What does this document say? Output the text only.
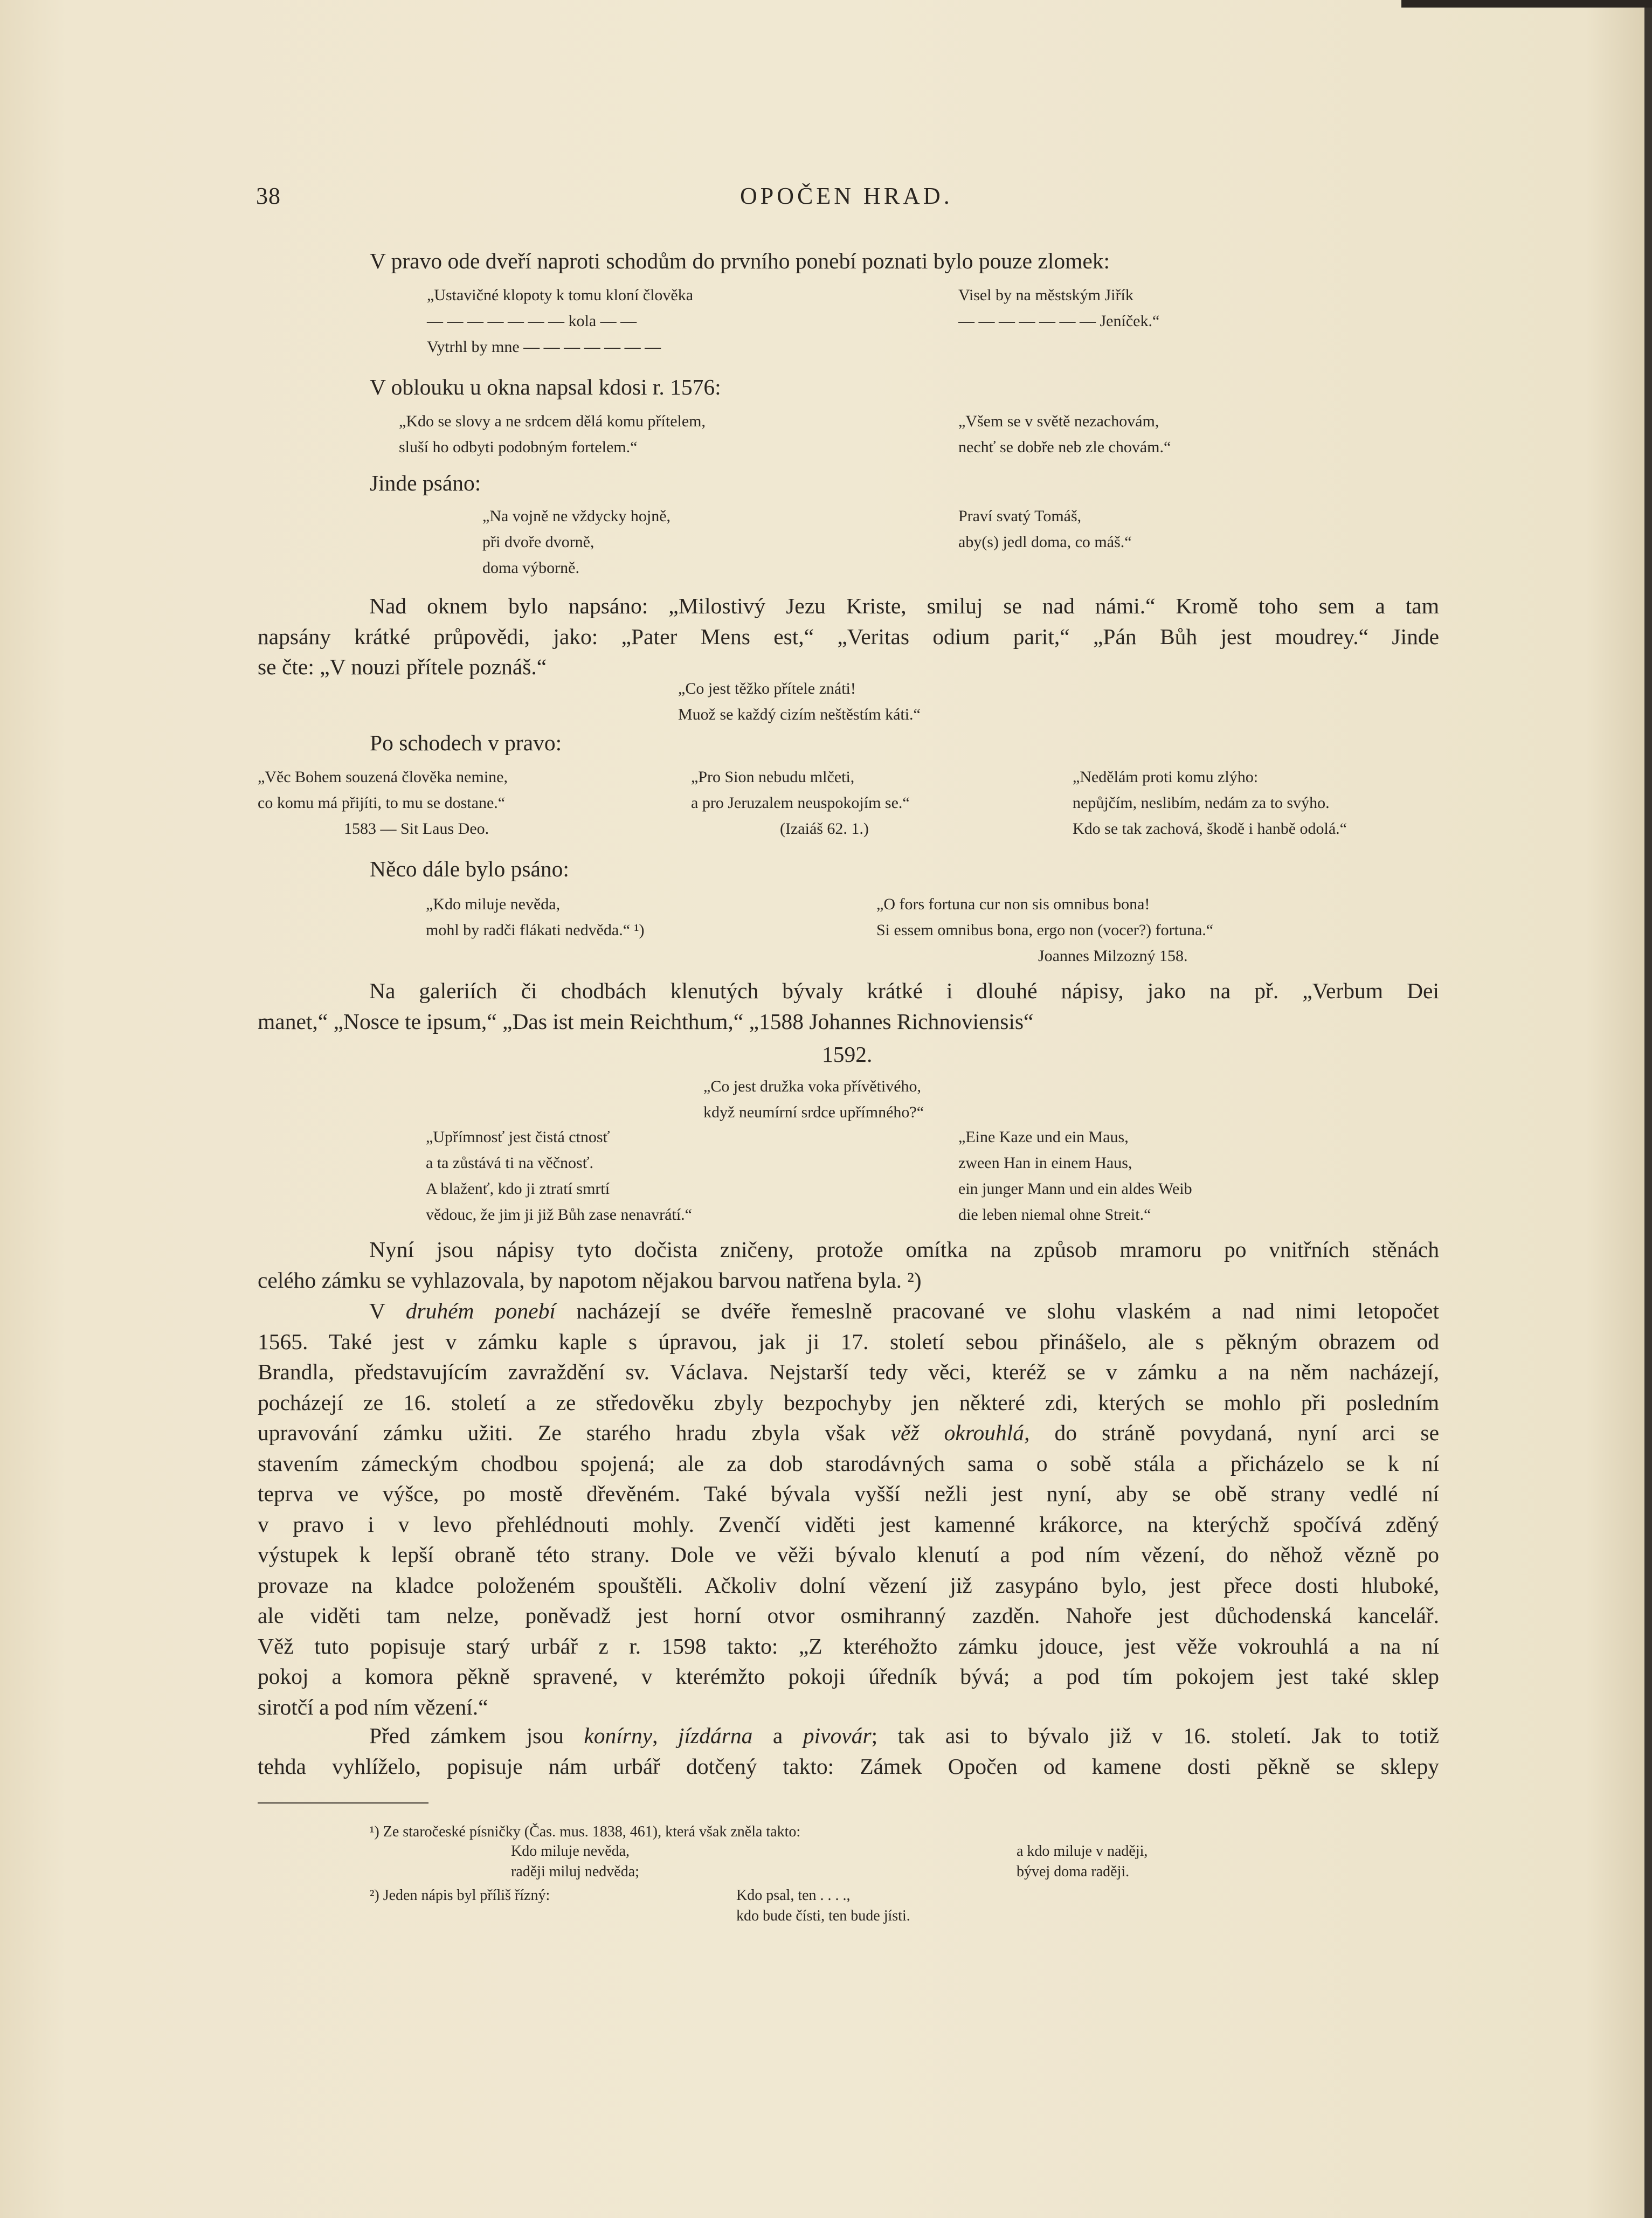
38	OPOČEN HRAD.
V pravo ode dveří naproti schodům do prvního ponebí poznati bylo pouze zlomek:
„Ustavičné klopoty k tomu kloní člověka
— — — — — — — kola — —
Vytrhl by mne — — — — — — —
Visel by na městským Jiřík
— — — — — — — Jeníček.“
V oblouku u okna napsal kdosi r. 1576:
„Kdo se slovy a ne srdcem dělá komu přítelem,
sluší ho odbyti podobným fortelem.“
„Všem se v světě nezachovám,
nechť se dobře neb zle chovám.“
Jinde psáno:
„Na vojně ne vždycky hojně,
při dvoře dvorně,
doma výborně.
Praví svatý Tomáš,
aby(s) jedl doma, co máš.“
Nad oknem bylo napsáno: „Milostivý Jezu Kriste, smiluj se nad námi.“ Kromě toho sem a tam
napsány krátké průpovědi, jako: „Pater Mens est,“ „Veritas odium parit,“ „Pán Bůh jest moudrey.“ Jinde
se čte: „V nouzi přítele poznáš.“
„Co jest těžko přítele znáti!
Muož se každý cizím neštěstím káti.“
Po schodech v pravo:
„Věc Bohem souzená člověka nemine,
co komu má přijíti, to mu se dostane.“
1583 — Sit Laus Deo.
„Pro Sion nebudu mlčeti,
a pro Jeruzalem neuspokojím se.“
(Izaiáš 62. 1.)
„Nedělám proti komu zlýho:
nepůjčím, neslibím, nedám za to svýho.
Kdo se tak zachová, škodě i hanbě odolá.“
Něco dále bylo psáno:
„Kdo miluje nevěda,
mohl by radči flákati nedvěda.“ ¹)
„O fors fortuna cur non sis omnibus bona!
Si essem omnibus bona, ergo non (vocer?) fortuna.“
Joannes Milzozný 158.
Na galeriích či chodbách klenutých bývaly krátké i dlouhé nápisy, jako na př. „Verbum Dei
manet,“ „Nosce te ipsum,“ „Das ist mein Reichthum,“ „1588 Johannes Richnoviensis“
1592.
„Co jest družka voka přívětivého,
když neumírní srdce upřímného?“
„Upřímnosť jest čistá ctnosť
a ta zůstává ti na věčnosť.
A blaženť, kdo ji ztratí smrtí
vědouc, že jim ji již Bůh zase nenavrátí.“
„Eine Kaze und ein Maus,
zween Han in einem Haus,
ein junger Mann und ein aldes Weib
die leben niemal ohne Streit.“
Nyní jsou nápisy tyto dočista zničeny, protože omítka na způsob mramoru po vnitřních stěnách
celého zámku se vyhlazovala, by napotom nějakou barvou natřena byla. ²)
V druhém ponebí nacházejí se dvéře řemeslně pracované ve slohu vlaském a nad nimi letopočet
1565. Také jest v zámku kaple s úpravou, jak ji 17. století sebou přinášelo, ale s pěkným obrazem od
Brandla, představujícím zavraždění sv. Václava. Nejstarší tedy věci, kteréž se v zámku a na něm nacházejí,
pocházejí ze 16. století a ze středověku zbyly bezpochyby jen některé zdi, kterých se mohlo při posledním
upravování zámku užiti. Ze starého hradu zbyla však věž okrouhlá, do stráně povydaná, nyní arci se
stavením zámeckým chodbou spojená; ale za dob starodávných sama o sobě stála a přicházelo se k ní
teprva ve výšce, po mostě dřevěném. Také bývala vyšší nežli jest nyní, aby se obě strany vedlé ní
v pravo i v levo přehlédnouti mohly. Zvenčí viděti jest kamenné krákorce, na kterýchž spočívá zděný
výstupek k lepší obraně této strany. Dole ve věži bývalo klenutí a pod ním vězení, do něhož vězně po
provaze na kladce položeném spouštěli. Ačkoliv dolní vězení již zasypáno bylo, jest přece dosti hluboké,
ale viděti tam nelze, poněvadž jest horní otvor osmihranný zazděn. Nahoře jest důchodenská kancelář.
Věž tuto popisuje starý urbář z r. 1598 takto: „Z kteréhožto zámku jdouce, jest věže vokrouhlá a na ní
pokoj a komora pěkně spravené, v kterémžto pokoji úředník bývá; a pod tím pokojem jest také sklep
sirotčí a pod ním vězení.“
Před zámkem jsou konírny, jízdárna a pivovár; tak asi to bývalo již v 16. století. Jak to totiž
tehda vyhlíželo, popisuje nám urbář dotčený takto: Zámek Opočen od kamene dosti pěkně se sklepy
¹) Ze staročeské písničky (Čas. mus. 1838, 461), která však zněla takto:
Kdo miluje nevěda,
raději miluj nedvěda;
a kdo miluje v naději,
bývej doma raději.
²) Jeden nápis byl příliš řízný:	Kdo psal, ten . . . .,
kdo bude čísti, ten bude jísti.
